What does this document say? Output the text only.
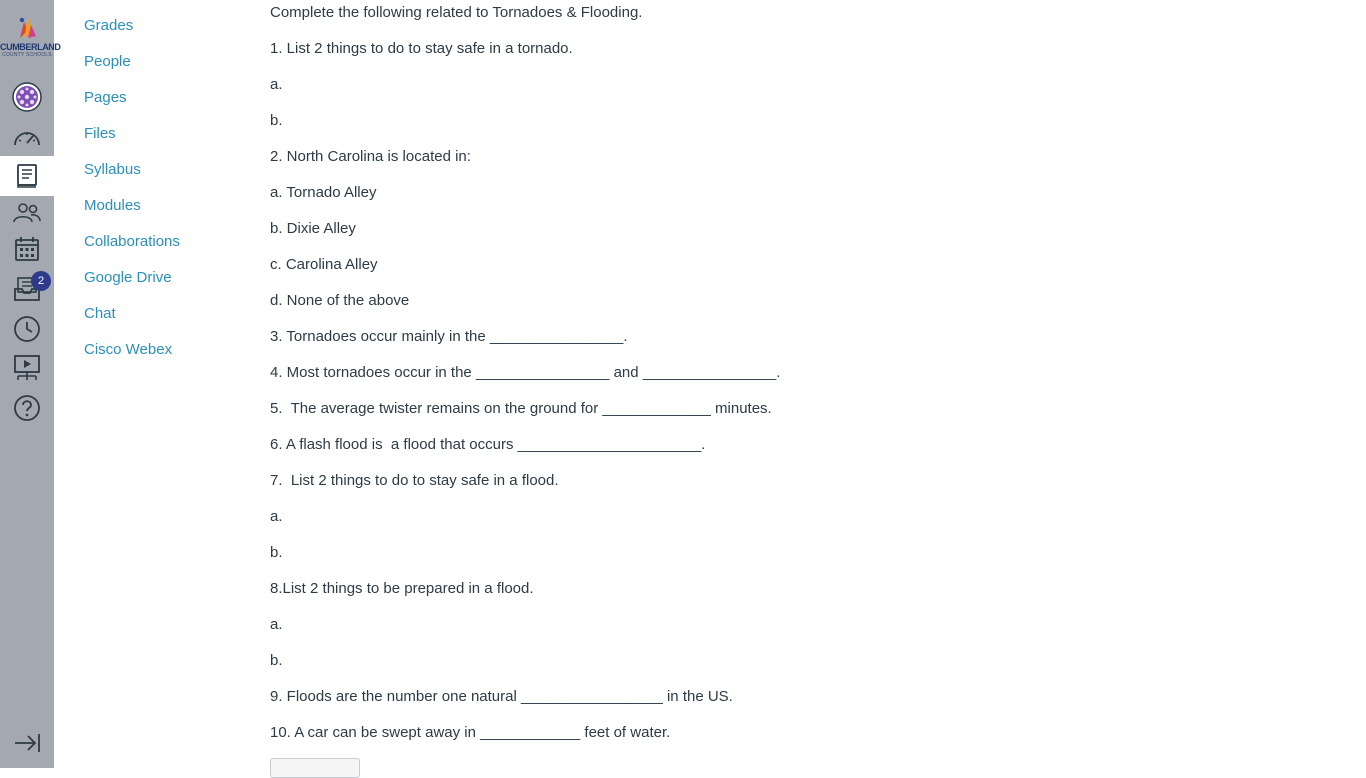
CUMBERLAND
COUNTY SCHOOLS
2
Grades
People
Pages
Files
Syllabus
Modules
Collaborations
Google Drive
Chat
Cisco Webex
Complete the following related to Tornadoes & Flooding.
1. List 2 things to do to stay safe in a tornado.
a.
b.
2. North Carolina is located in:
a. Tornado Alley
b. Dixie Alley
c. Carolina Alley
d. None of the above
3. Tornadoes occur mainly in the ________________.
4. Most tornadoes occur in the ________________ and ________________.
5.  The average twister remains on the ground for _____________ minutes.
6. A flash flood is  a flood that occurs ______________________.
7.  List 2 things to do to stay safe in a flood.
a.
b.
8.List 2 things to be prepared in a flood.
a.
b.
9. Floods are the number one natural _________________ in the US.
10. A car can be swept away in ____________ feet of water.
